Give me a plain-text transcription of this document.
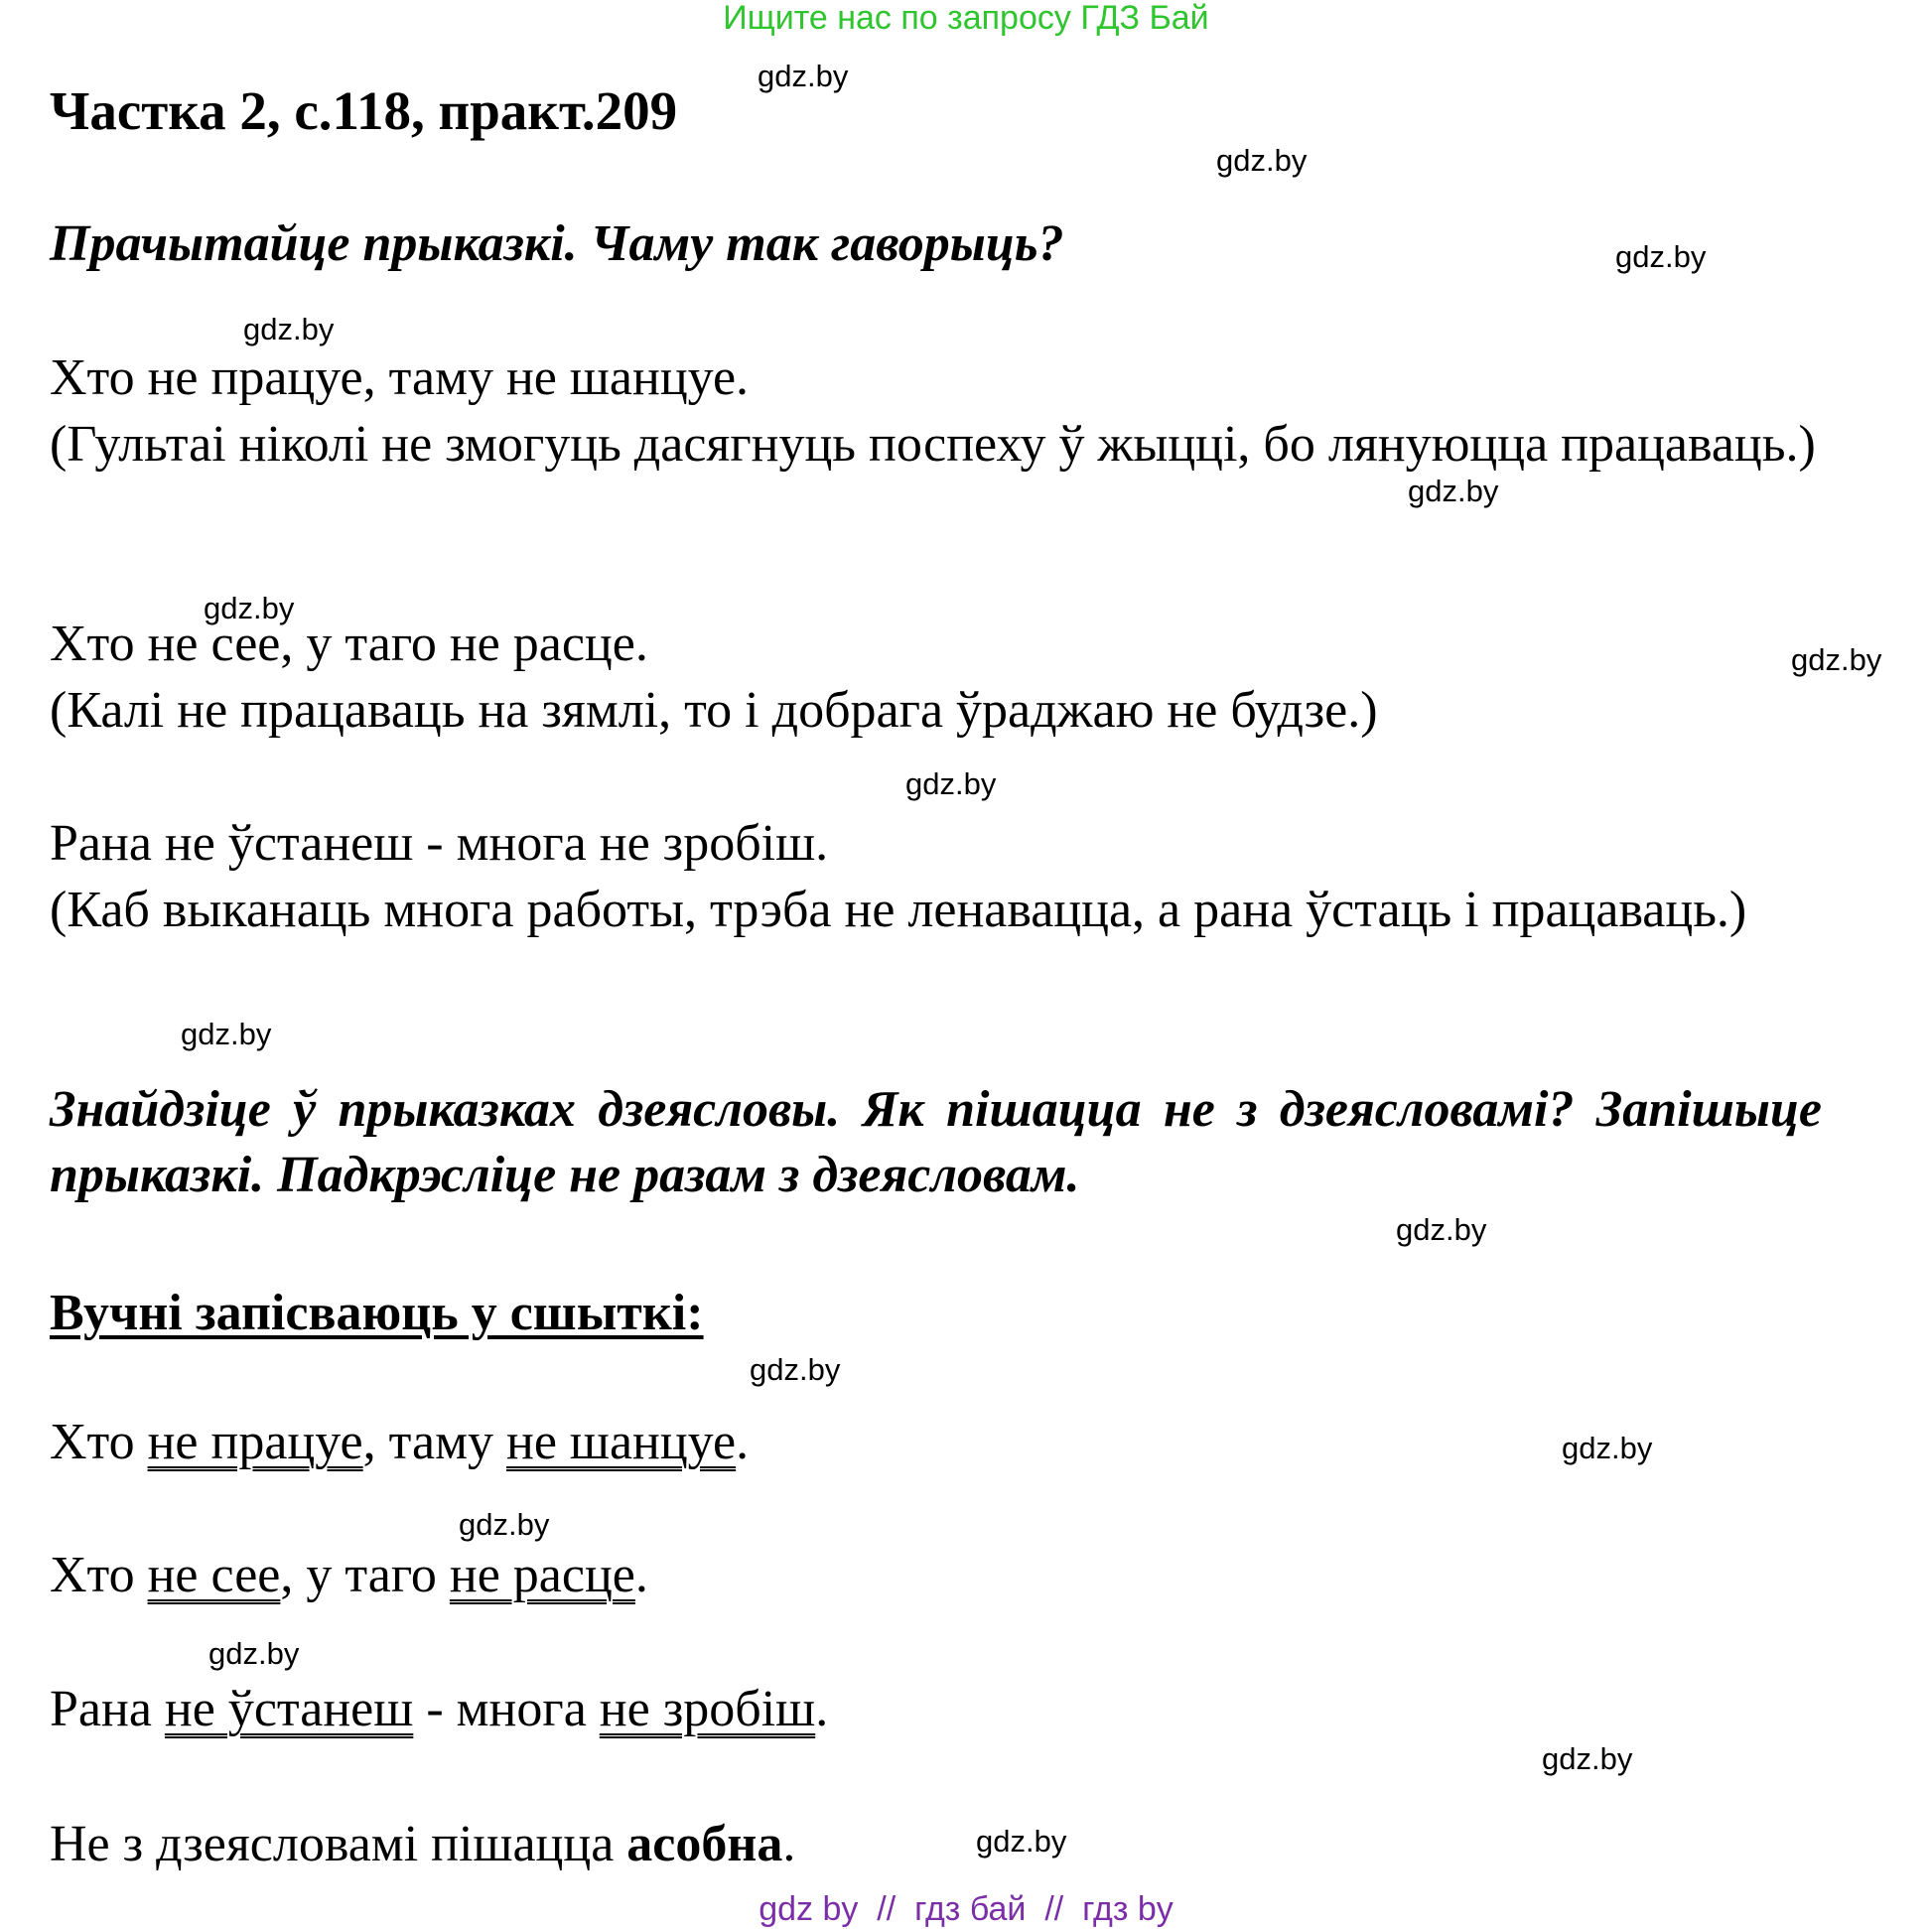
Ищите нас по запросу ГДЗ Бай
Частка 2, с.118, практ.209
Прачытайце прыказкі. Чаму так гаворыць?
Хто не працуе, таму не шанцуе.
(Гультаі ніколі не змогуць дасягнуць поспеху ў жыцці, бо лянуюцца працаваць.)
Хто не сее, у таго не расце.
(Калі не працаваць на зямлі, то і добрага ўраджаю не будзе.)
Рана не ўстанеш - многа не зробіш.
(Каб выканаць многа работы, трэба не ленавацца, а рана ўстаць і працаваць.)
Знайдзіце ў прыказках дзеясловы. Як пішацца не з дзеясловамі? Запішыце прыказкі. Падкрэсліце не разам з дзеясловам.
Вучні запісваюць у сшыткі:
Хто не працуе, таму не шанцуе.
Хто не сее, у таго не расце.
Рана не ўстанеш - многа не зробіш.
Не з дзеясловамі пішацца асобна.
gdz.by
gdz.by
gdz.by
gdz.by
gdz.by
gdz.by
gdz.by
gdz.by
gdz.by
gdz.by
gdz.by
gdz.by
gdz.by
gdz.by
gdz.by
gdz.by
gdz by  //  гдз бай  //  гдз by
